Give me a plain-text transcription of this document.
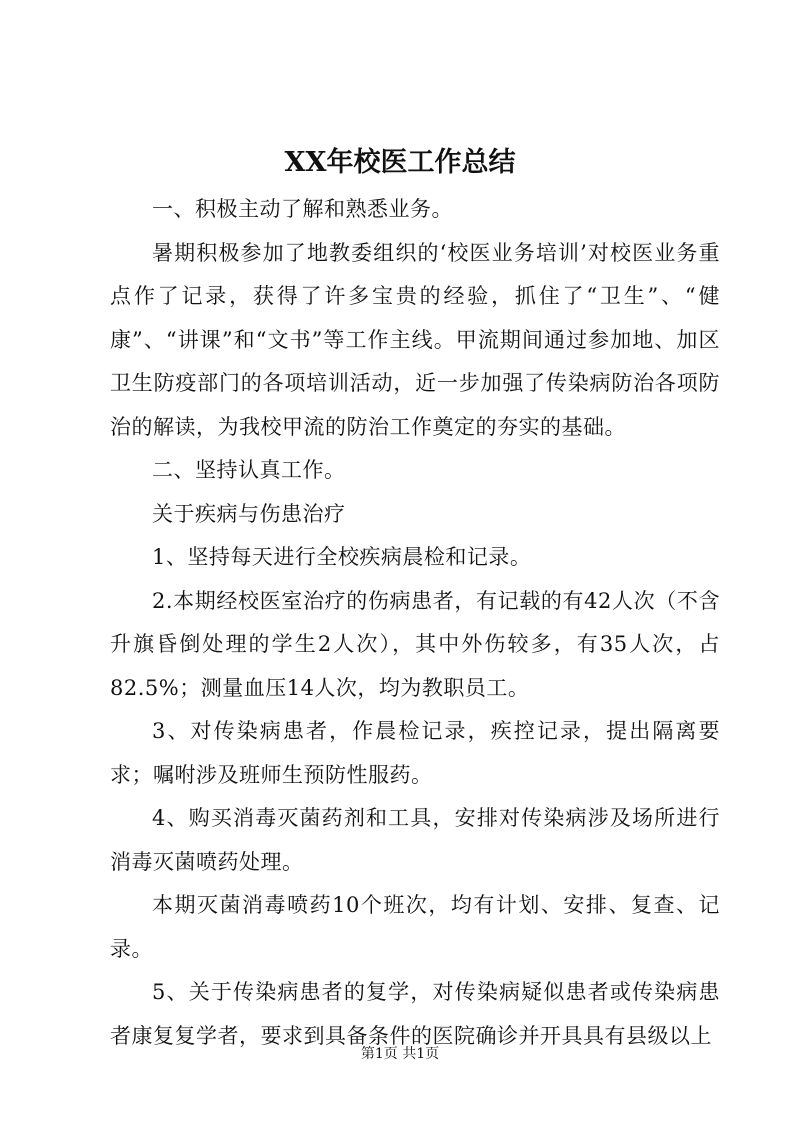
XX年校医工作总结

一、积极主动了解和熟悉业务。

暑期积极参加了地教委组织的‘校医业务培训’对校医业务重点作了记录，获得了许多宝贵的经验，抓住了“卫生”、“健康”、“讲课”和“文书”等工作主线。甲流期间通过参加地、加区卫生防疫部门的各项培训活动，近一步加强了传染病防治各项防治的解读，为我校甲流的防治工作奠定的夯实的基础。

二、坚持认真工作。

关于疾病与伤患治疗

1、坚持每天进行全校疾病晨检和记录。

2.本期经校医室治疗的伤病患者，有记载的有42人次（不含升旗昏倒处理的学生2人次），其中外伤较多，有35人次，占82.5%；测量血压14人次，均为教职员工。

3、对传染病患者，作晨检记录，疾控记录，提出隔离要求；嘱咐涉及班师生预防性服药。

4、购买消毒灭菌药剂和工具，安排对传染病涉及场所进行消毒灭菌喷药处理。

本期灭菌消毒喷药10个班次，均有计划、安排、复查、记录。

5、关于传染病患者的复学，对传染病疑似患者或传染病患者康复复学者，要求到具备条件的医院确诊并开具具有县级以上

第1页 共1页
